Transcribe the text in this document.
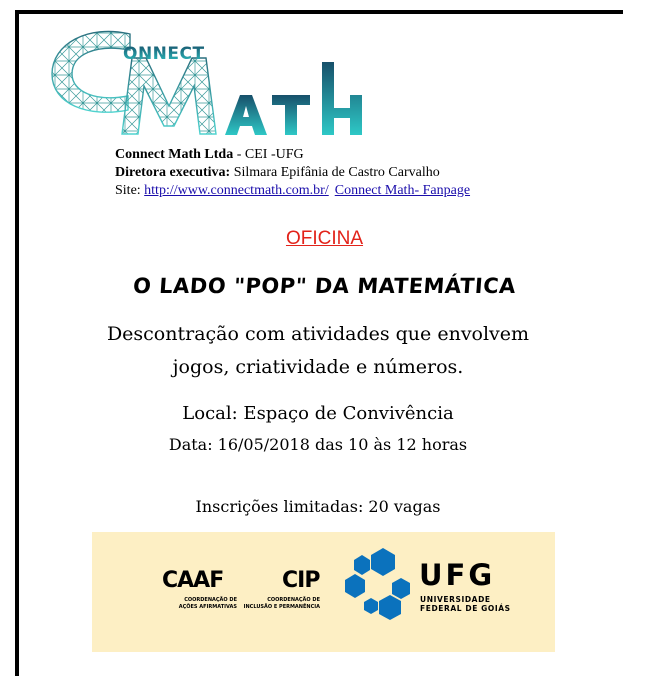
ONNECT
Connect Math Ltda - CEI -UFG
Diretora executiva: Silmara Epifânia de Castro Carvalho
Site: http://www.connectmath.com.br/ Connect Math- Fanpage
OFICINA
O LADO "POP" DA MATEMÁTICA
Descontração com atividades que envolvem
jogos, criatividade e números.
Local: Espaço de Convivência
Data: 16/05/2018 das 10 às 12 horas
Inscrições limitadas: 20 vagas
CAAF
COORDENAÇÃO DE
AÇÕES AFIRMATIVAS
CIP
COORDENAÇÃO DE
INCLUSÃO E PERMANÊNCIA
UFG
UNIVERSIDADE
FEDERAL DE GOIÁS
